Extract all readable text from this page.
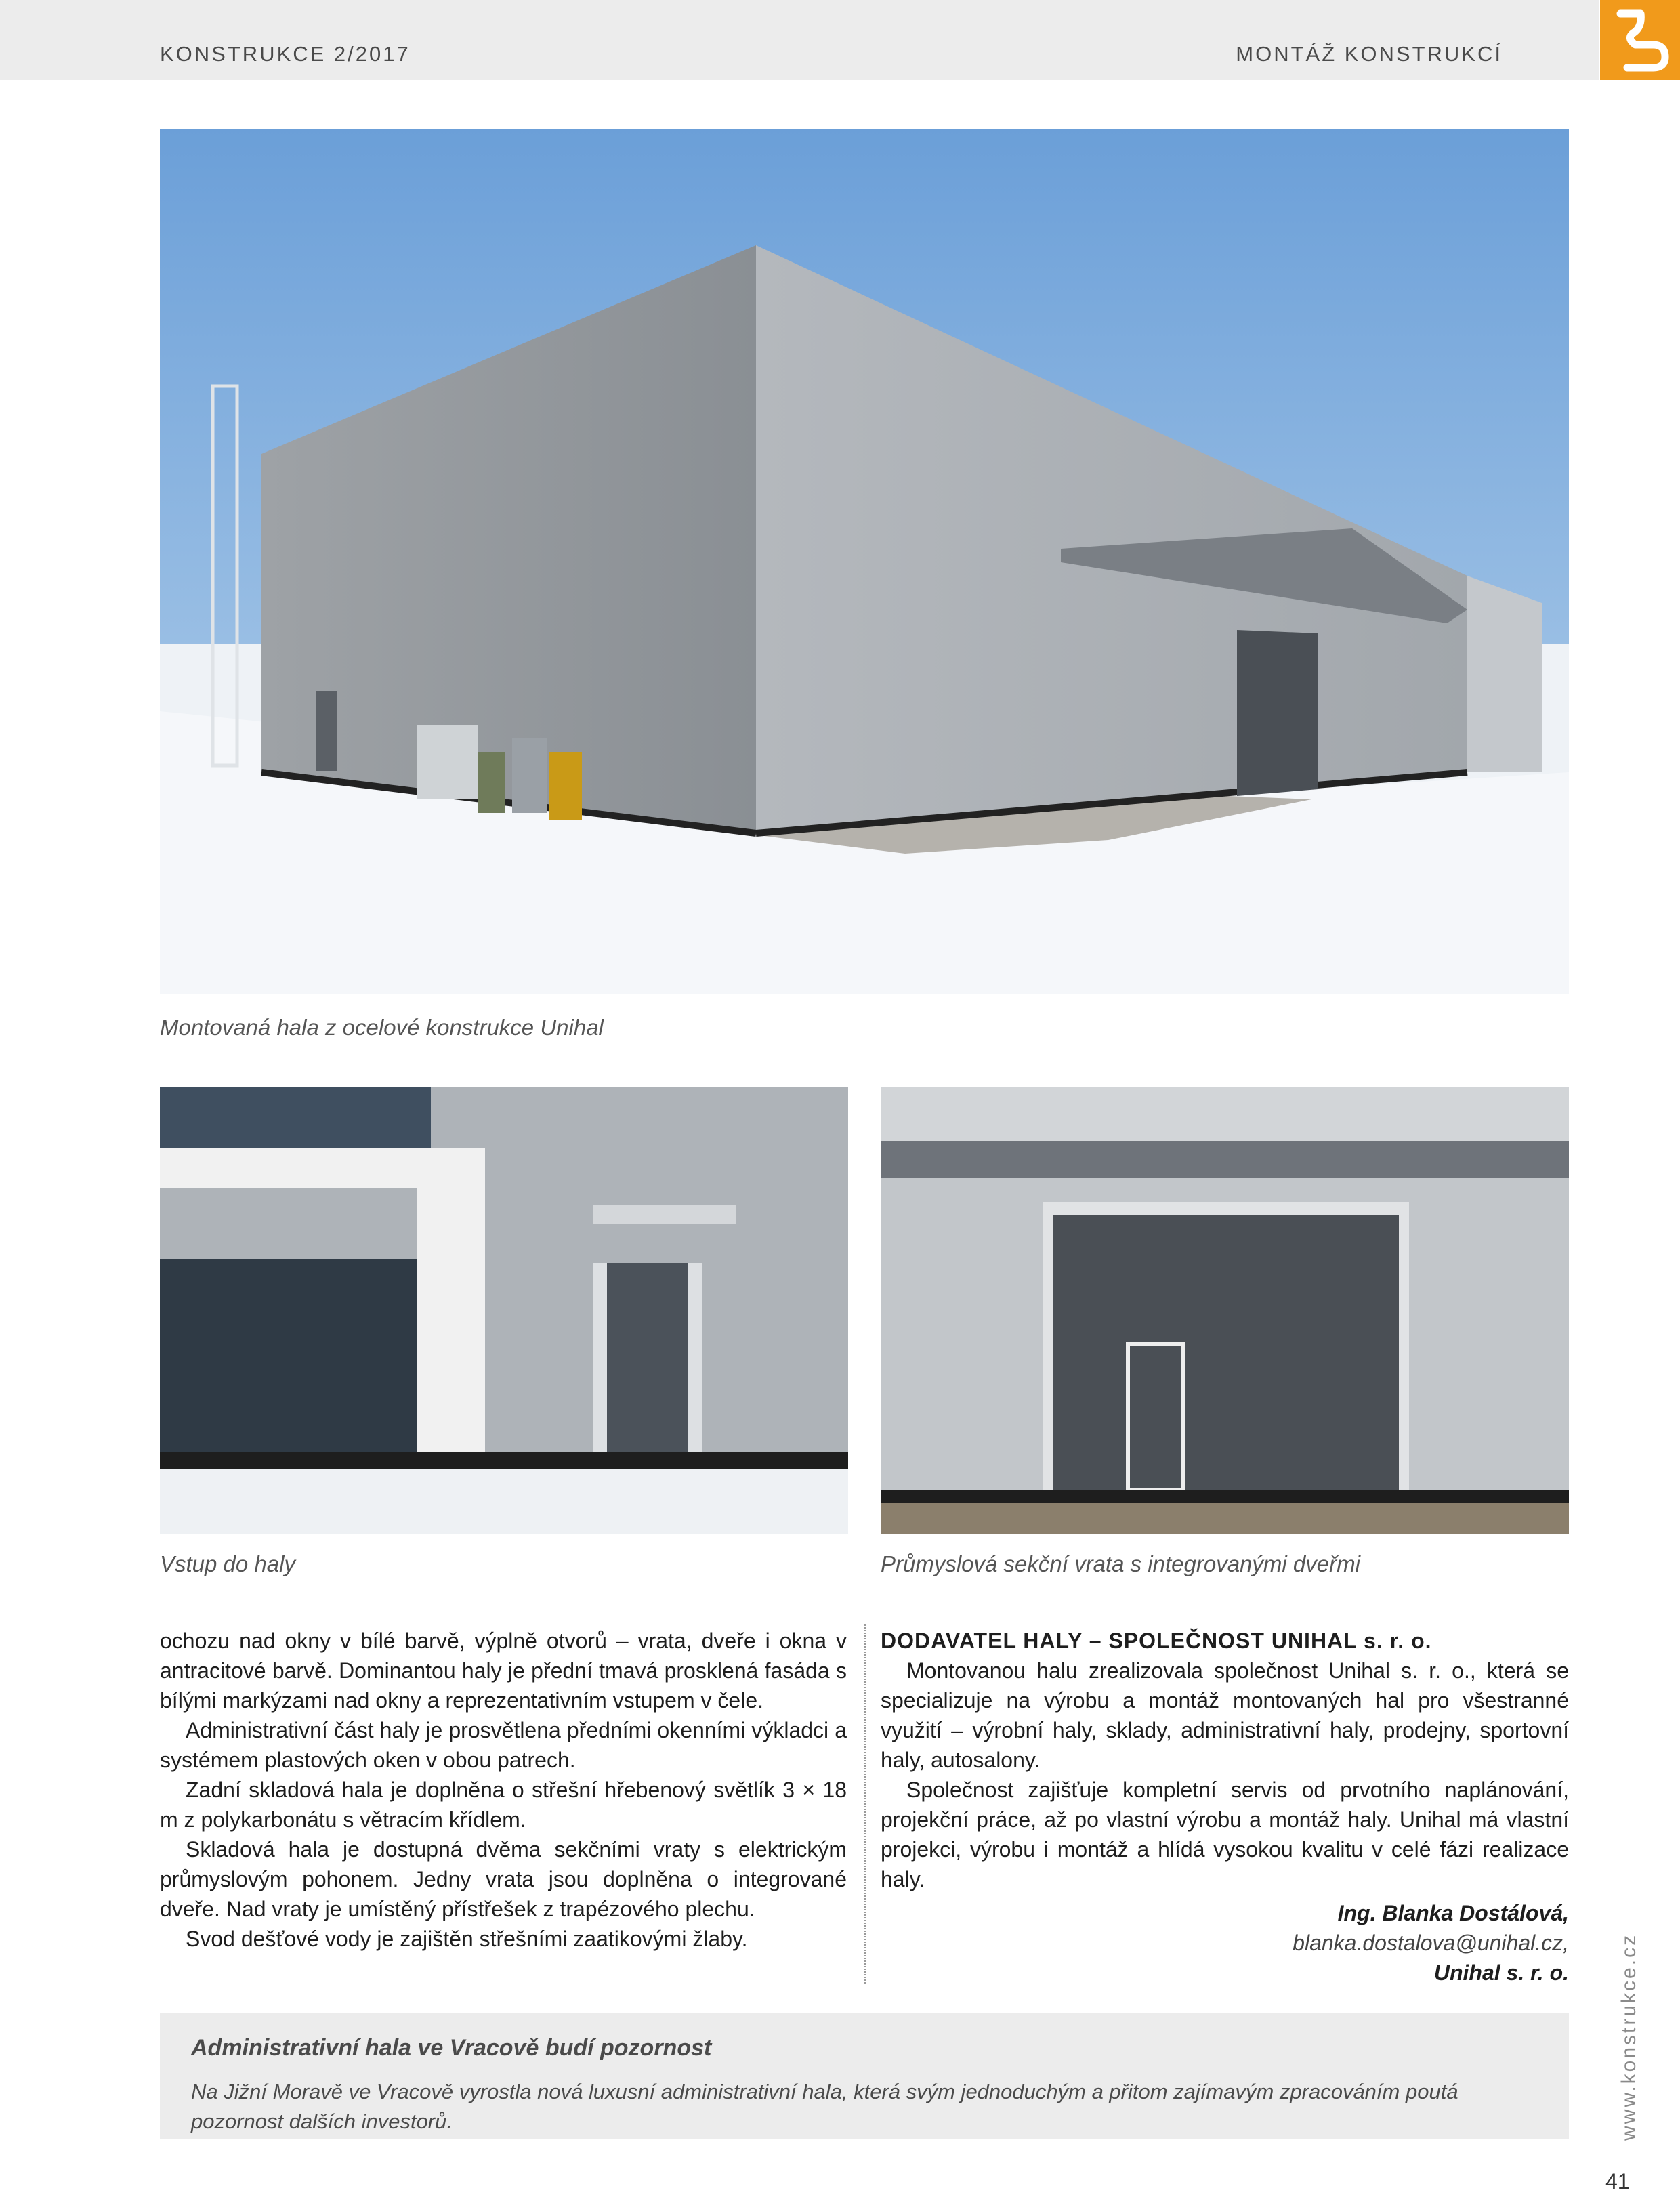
KONSTRUKCE 2/2017	MONTÁŽ KONSTRUKCÍ
Montovaná hala z ocelové konstrukce Unihal
Vstup do haly	Průmyslová sekční vrata s integrovanými dveřmi

ochozu nad okny v bílé barvě, výplně otvorů – vrata, dveře i okna v antracitové barvě. Dominantou haly je přední tmavá prosklená fasáda s bílými markýzami nad okny a reprezentativním vstupem v čele.

Administrativní část haly je prosvětlena předními okenními výkladci a systémem plastových oken v obou patrech.

Zadní skladová hala je doplněna o střešní hřebenový světlík 3 × 18 m z polykarbonátu s větracím křídlem.

Skladová hala je dostupná dvěma sekčními vraty s elektrickým průmyslovým pohonem. Jedny vrata jsou doplněna o integrované dveře. Nad vraty je umístěný přístřešek z trapézového plechu.

Svod dešťové vody je zajištěn střešními zaatikovými žlaby.

DODAVATEL HALY – SPOLEČNOST UNIHAL s. r. o.

Montovanou halu zrealizovala společnost Unihal s. r. o., která se specializuje na výrobu a montáž montovaných hal pro všestranné využití – výrobní haly, sklady, administrativní haly, prodejny, sportovní haly, autosalony.

Společnost zajišťuje kompletní servis od prvotního naplánování, projekční práce, až po vlastní výrobu a montáž haly. Unihal má vlastní projekci, výrobu i montáž a hlídá vysokou kvalitu v celé fázi realizace haly.

Ing. Blanka Dostálová,
blanka.dostalova@unihal.cz,
Unihal s. r. o.
Administrativní hala ve Vracově budí pozornost
Na Jižní Moravě ve Vracově vyrostla nová luxusní administrativní hala, která svým jednoduchým a přitom zajímavým zpracováním poutá pozornost dalších investorů.	www.konstrukce.cz
41
